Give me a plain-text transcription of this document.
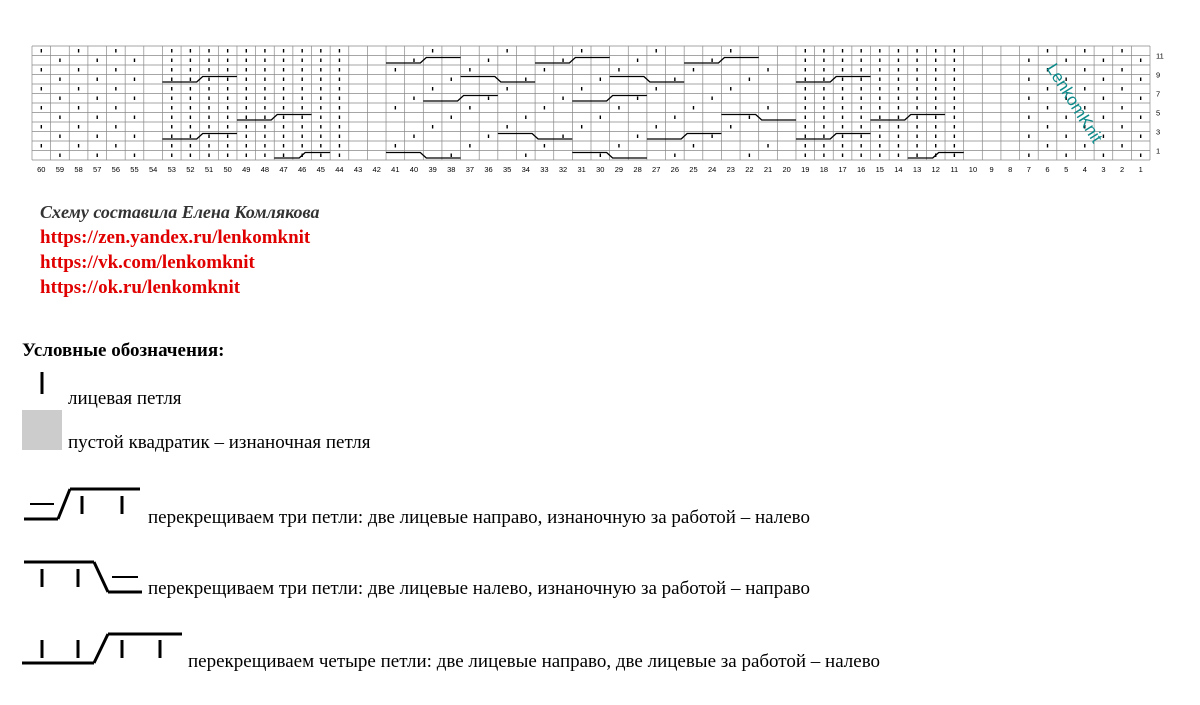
60 59 58 57 56 55 54 53 52 51 50 49 48 47 46 45 44 43 42 41 40 39 38 37 36 35 34 33 32 31 30 29 28 27 26 25 24 23 22 21 20 19 18 17 16 15 14 13 12 11 10 9 8 7 6 5 4 3 2 1
11
9
7
5
3
1
LenkomKnit
Схему составила Елена Комлякова
https://zen.yandex.ru/lenkomknit
https://vk.com/lenkomknit
https://ok.ru/lenkomknit
Условные обозначения:
лицевая петля
пустой квадратик – изнаночная петля
перекрещиваем три петли: две лицевые направо, изнаночную за работой – налево
перекрещиваем три петли: две лицевые налево, изнаночную за работой – направо
перекрещиваем четыре петли: две лицевые направо, две лицевые за работой – налево
